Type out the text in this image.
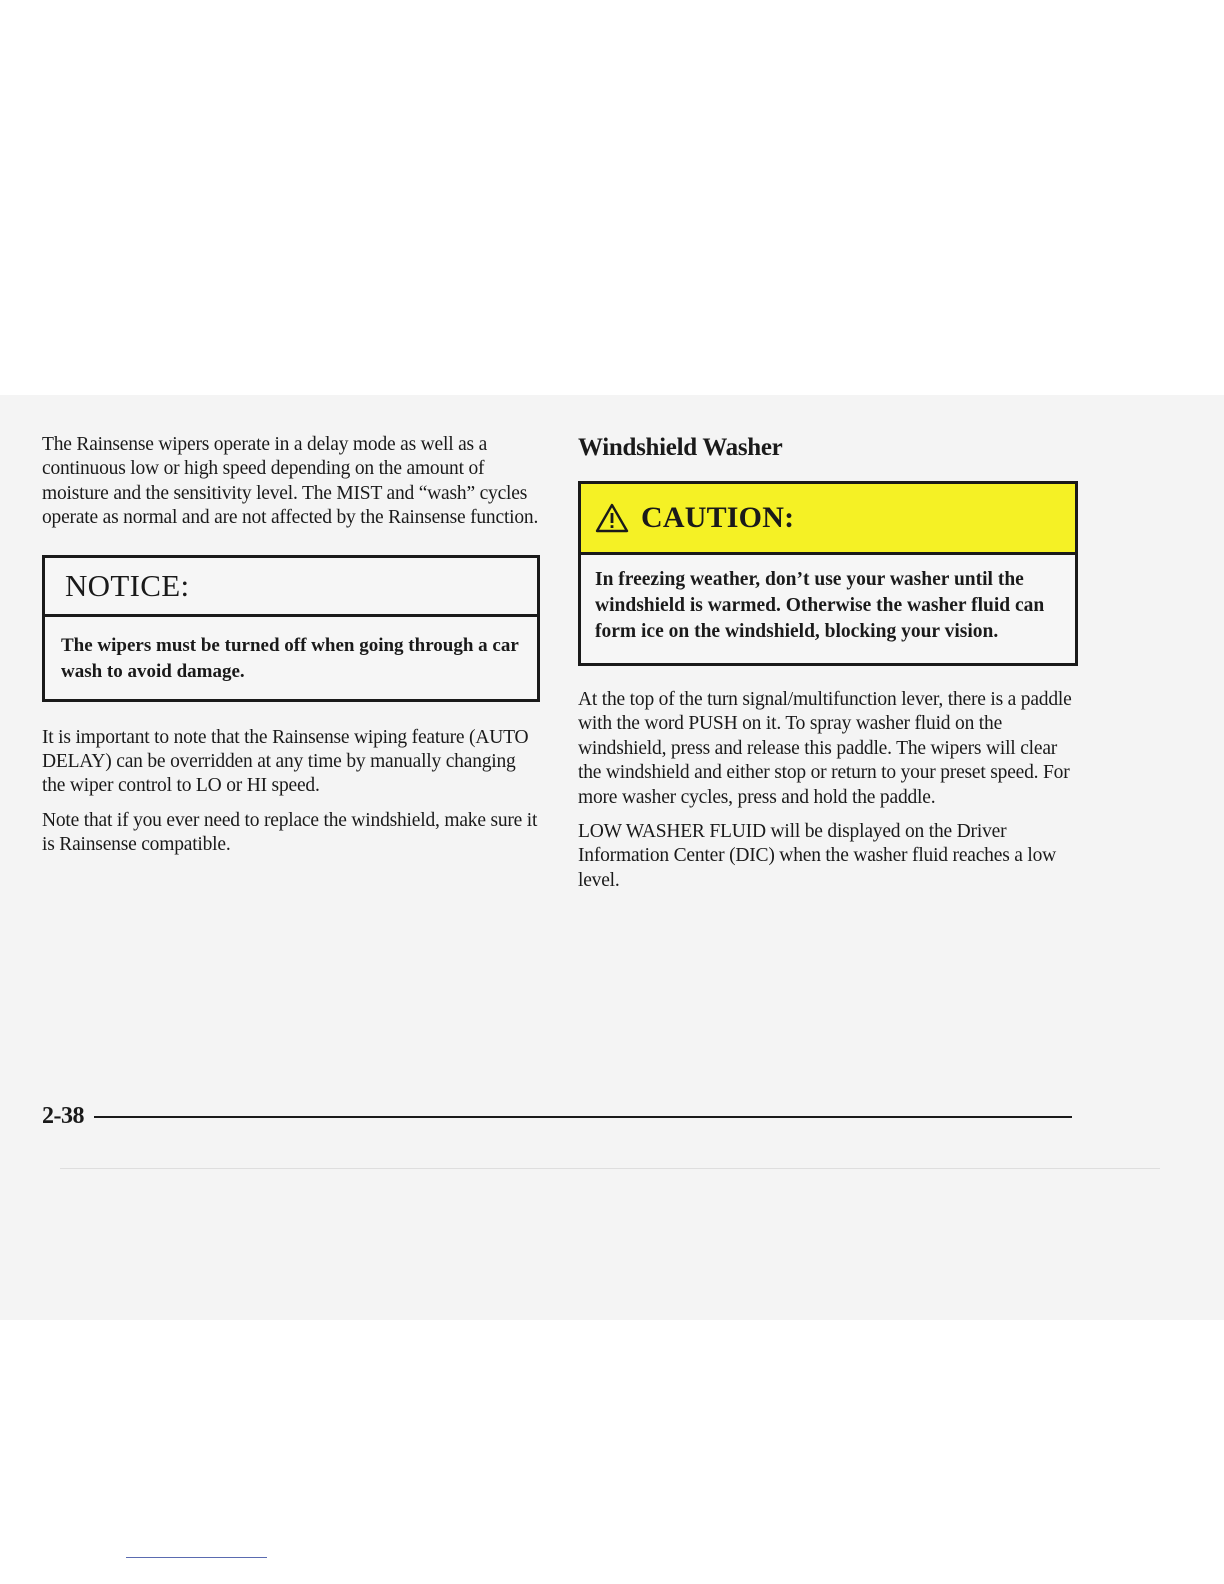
The Rainsense wipers operate in a delay mode as well as a continuous low or high speed depending on the amount of moisture and the sensitivity level. The MIST and “wash” cycles operate as normal and are not affected by the Rainsense function.

NOTICE:
The wipers must be turned off when going through a car wash to avoid damage.

It is important to note that the Rainsense wiping feature (AUTO DELAY) can be overridden at any time by manually changing the wiper control to LO or HI speed.

Note that if you ever need to replace the windshield, make sure it is Rainsense compatible.

Windshield Washer
CAUTION:
In freezing weather, don’t use your washer until the windshield is warmed. Otherwise the washer fluid can form ice on the windshield, blocking your vision.

At the top of the turn signal/multifunction lever, there is a paddle with the word PUSH on it. To spray washer fluid on the windshield, press and release this paddle. The wipers will clear the windshield and either stop or return to your preset speed. For more washer cycles, press and hold the paddle.

LOW WASHER FLUID will be displayed on the Driver Information Center (DIC) when the washer fluid reaches a low level.

2-38
